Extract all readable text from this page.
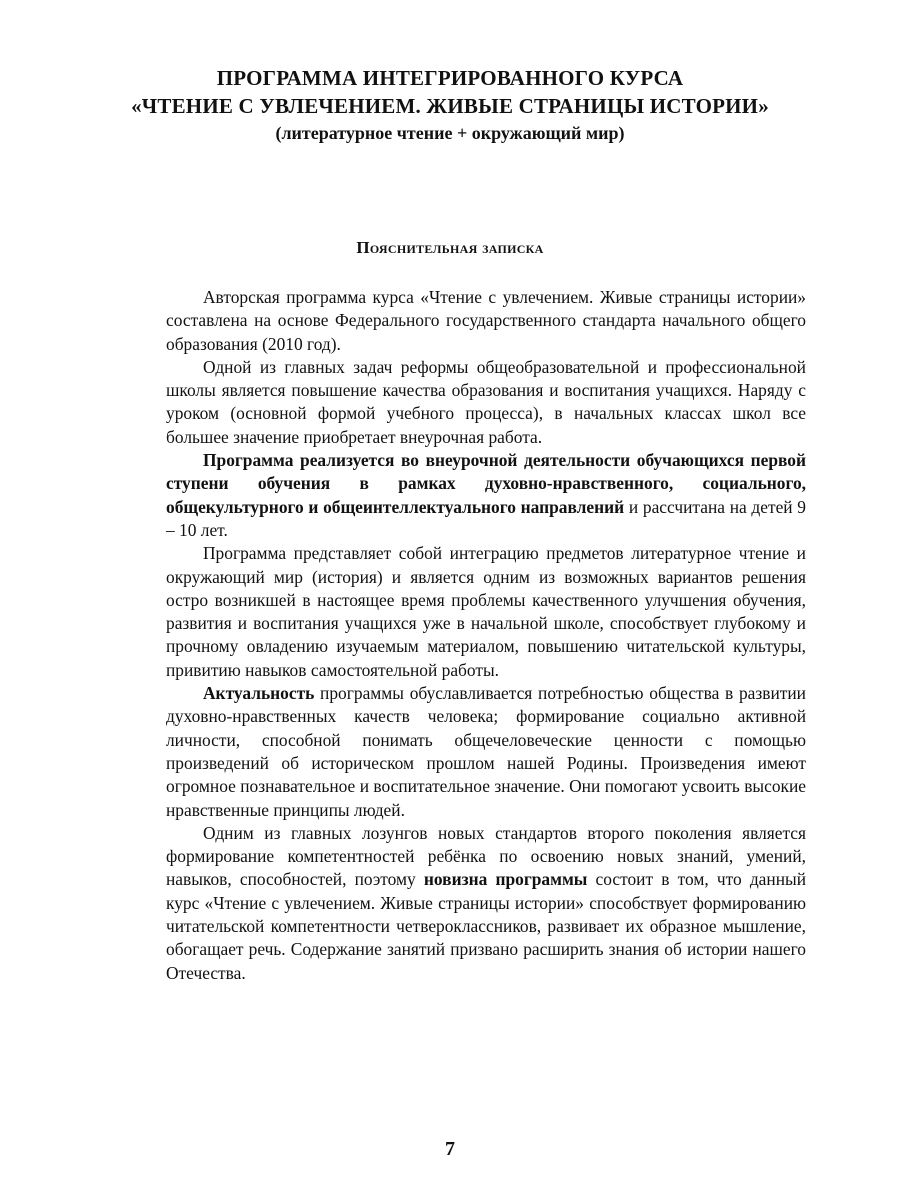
ПРОГРАММА ИНТЕГРИРОВАННОГО КУРСА
«ЧТЕНИЕ С УВЛЕЧЕНИЕМ. ЖИВЫЕ СТРАНИЦЫ ИСТОРИИ»
(литературное чтение + окружающий мир)
Пояснительная записка

Авторская программа курса «Чтение с увлечением. Живые страницы истории» составлена на основе Федерального государственного стандарта начального общего образования (2010 год).

Одной из главных задач реформы общеобразовательной и профессиональной школы является повышение качества образования и воспитания учащихся. Наряду с уроком (основной формой учебного процесса), в начальных классах школ все большее значение приобретает внеурочная работа.

Программа реализуется во внеурочной деятельности обучающихся первой ступени обучения в рамках духовно-нравственного, социального, общекультурного и общеинтеллектуального направлений и рассчитана на детей 9 – 10 лет.

Программа представляет собой интеграцию предметов литературное чтение и окружающий мир (история) и является одним из возможных вариантов решения остро возникшей в настоящее время проблемы качественного улучшения обучения, развития и воспитания учащихся уже в начальной школе, способствует глубокому и прочному овладению изучаемым материалом, повышению читательской культуры, привитию навыков самостоятельной работы.

Актуальность программы обуславливается потребностью общества в развитии духовно-нравственных качеств человека; формирование социально активной личности, способной понимать общечеловеческие ценности с помощью произведений об историческом прошлом нашей Родины. Произведения имеют огромное познавательное и воспитательное значение. Они помогают усвоить высокие нравственные принципы людей.

Одним из главных лозунгов новых стандартов второго поколения является формирование компетентностей ребёнка по освоению новых знаний, умений, навыков, способностей, поэтому новизна программы состоит в том, что данный курс «Чтение с увлечением. Живые страницы истории» способствует формированию читательской компетентности четвероклассников, развивает их образное мышление, обогащает речь. Содержание занятий призвано расширить знания об истории нашего Отечества.

7
